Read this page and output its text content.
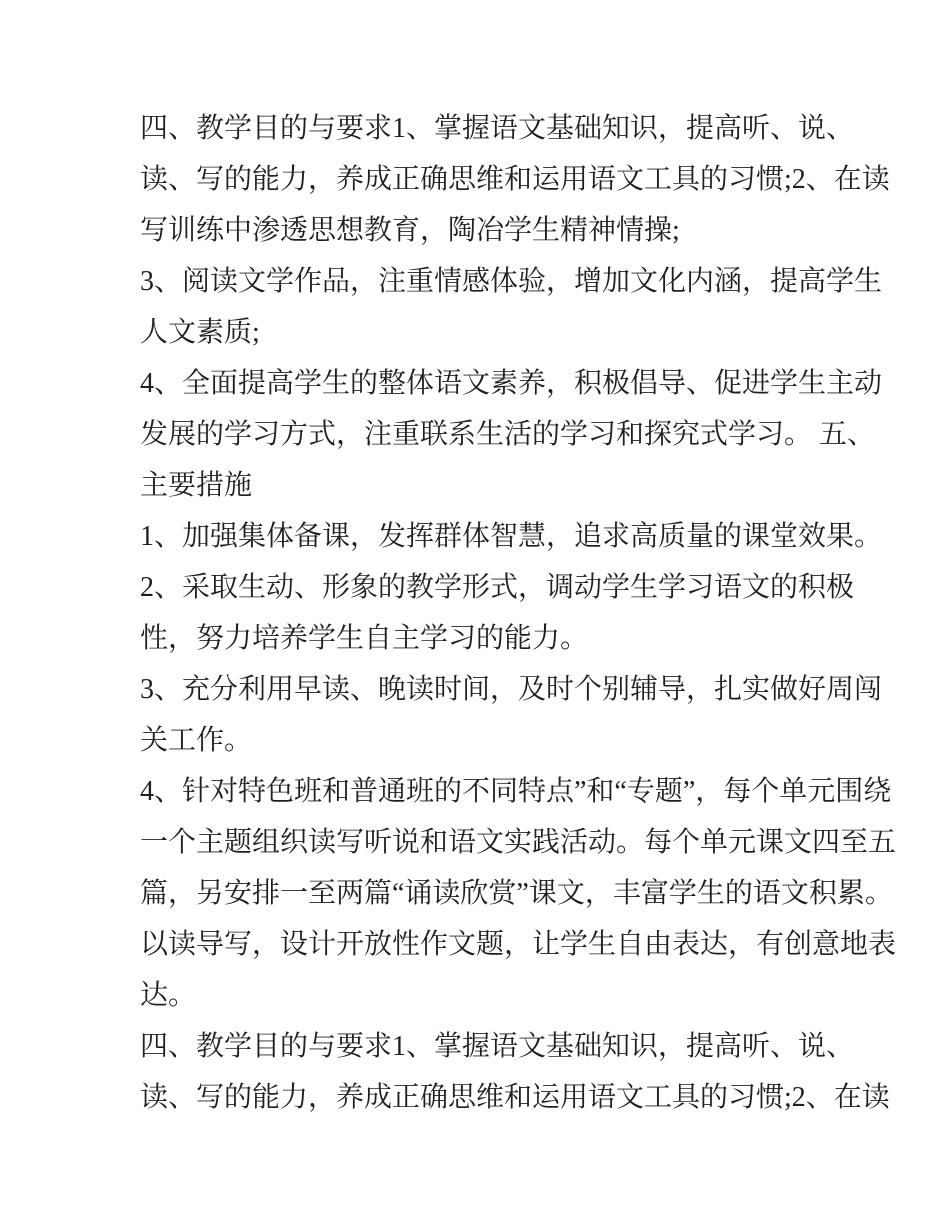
四、教学目的与要求1、掌握语文基础知识，提高听、说、
读、写的能力，养成正确思维和运用语文工具的习惯;2、在读
写训练中渗透思想教育，陶冶学生精神情操;
3、阅读文学作品，注重情感体验，增加文化内涵，提高学生
人文素质;
4、全面提高学生的整体语文素养，积极倡导、促进学生主动
发展的学习方式，注重联系生活的学习和探究式学习。 五、
主要措施
1、加强集体备课，发挥群体智慧，追求高质量的课堂效果。
2、采取生动、形象的教学形式，调动学生学习语文的积极
性，努力培养学生自主学习的能力。
3、充分利用早读、晚读时间，及时个别辅导，扎实做好周闯
关工作。
4、针对特色班和普通班的不同特点”和“专题”，每个单元围绕
一个主题组织读写听说和语文实践活动。每个单元课文四至五
篇，另安排一至两篇“诵读欣赏”课文，丰富学生的语文积累。
以读导写，设计开放性作文题，让学生自由表达，有创意地表
达。
四、教学目的与要求1、掌握语文基础知识，提高听、说、
读、写的能力，养成正确思维和运用语文工具的习惯;2、在读
